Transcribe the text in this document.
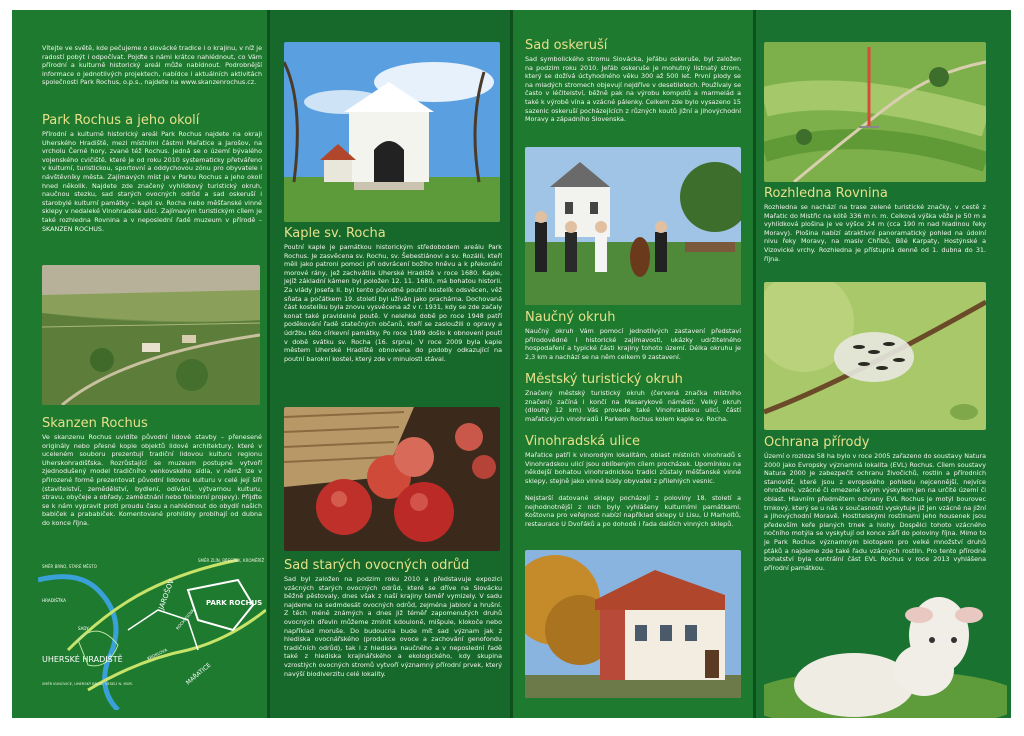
Vítejte ve světě, kde pečujeme o slovácké tradice i o krajinu, v níž je radostí pobýt i odpočívat. Pojďte s námi krátce nahlédnout, co Vám přírodní a kulturně historický areál může nabídnout. Podrobnější informace o jednotlivých projektech, nabídce i aktuálních aktivitách společnosti Park Rochus, o.p.s., najdete na www.skanzenrochus.cz.
Park Rochus a jeho okolí
Přírodní a kulturně historický areál Park Rochus najdete na okraji Uherského Hradiště, mezi místními částmi Mařatice a Jarošov, na vrcholu Černé hory, zvané též Rochus. Jedná se o území bývalého vojenského cvičiště, které je od roku 2010 systematicky přetvářeno v kulturní, turistickou, sportovní a oddychovou zónu pro obyvatele i návštěvníky města. Zajímavých míst je v Parku Rochus a jeho okolí hned několik. Najdete zde značený vyhlídkový turistický okruh, naučnou stezku, sad starých ovocných odrůd a sad oskeruší i starobylé kulturní památky – kapli sv. Rocha nebo měšťanské vinné sklepy v nedaleké Vinohradské ulici. Zajímavým turistickým cílem je také rozhledna Rovnina a v neposlední řadě muzeum v přírodě – SKANZEN ROCHUS.
Skanzen Rochus
Ve skanzenu Rochus uvidíte původní lidové stavby – přenesené originály nebo přesné kopie objektů lidové architektury, které v uceleném souboru prezentují tradiční lidovou kulturu regionu Uherskohradišťska. Rozrůstající se muzeum postupně vytvoří zjednodušený model tradičního venkovského sídla, v němž lze v přirozené formě prezentovat původní lidovou kulturu v celé její šíři (stavitelství, zemědělství, bydlení, odívání, výtvarnou kulturu, stravu, obyčeje a obřady, zaměstnání nebo folklorní projevy). Přijďte se k nám vypravit proti proudu času a nahlédnout do obydlí našich babiček a prababiček. Komentované prohlídky probíhají od dubna do konce října.
SMĚR BRNO, STARÉ MĚSTO
HRADIŠŤKA	JAROŠOV	PARK ROCHUS
UHERSKÉ HRADIŠTĚ
MAŘATICE
SMĚR ZLÍN, BŘESTEK, KROMĚŘÍŽ
SMĚR KUNOVICE, UHERSKÝ BROD, VESELÍ N. MOR.
KROKLOVA
ROCHUSOVA
SADY
Kaple sv. Rocha
Poutní kaple je památkou historickým středobodem areálu Park Rochus. Je zasvěcena sv. Rochu, sv. Šebestiánovi a sv. Rozálii, kteří měli jako patroni pomoci při odvrácení božího hněvu a k překonání morové rány, jež zachvátila Uherské Hradiště v roce 1680. Kaple, jejíž základní kámen byl položen 12. 11. 1680, má bohatou historii. Za vlády Josefa II. byl tento původně poutní kostelík odsvěcen, věž sňata a počátkem 19. století byl užíván jako prachárna. Dochovaná část kostelíku byla znovu vysvěcena až v r. 1931, kdy se zde začaly konat také pravidelné poutě. V nelehké době po roce 1948 patří poděkování řadě statečných občanů, kteří se zasloužili o opravy a údržbu této církevní památky. Po roce 1989 došlo k obnovení poutí v době svátku sv. Rocha (16. srpna). V roce 2009 byla kaple městem Uherské Hradiště obnovena do podoby odkazující na poutní barokní kostel, který zde v minulosti stával.
Sad starých ovocných odrůd
Sad byl založen na podzim roku 2010 a představuje expozici vzácných starých ovocných odrůd, které se dříve na Slovácku běžně pěstovaly, dnes však z naší krajiny téměř vymizely. V sadu najdeme na sedmdesát ovocných odrůd, zejména jabloní a hrušní. Z těch méně známých a dnes již téměř zapomenutých druhů ovocných dřevin můžeme zmínit kdouloně, mišpule, klokoče nebo například moruše. Do budoucna bude mít sad význam jak z hlediska ovocnářského (produkce ovoce a zachování genofondu tradičních odrůd), tak i z hlediska naučného a v neposlední řadě také z hlediska krajinářského a ekologického, kdy skupina vzrostlých ovocných stromů vytvoří významný přírodní prvek, který navýší biodiverzitu celé lokality.
Sad oskeruší
Sad symbolického stromu Slovácka, jeřábu oskeruše, byl založen na podzim roku 2010. Jeřáb oskeruše je mohutný listnatý strom, který se dožívá úctyhodného věku 300 až 500 let. První plody se na mladých stromech objevují nejdříve v desetiletech. Používaly se často v léčitelství, běžně pak na výrobu kompotů a marmelád a také k výrobě vína a vzácné pálenky. Celkem zde bylo vysazeno 15 sazenic oskeruší pocházejících z různých koutů jižní a jihovýchodní Moravy a západního Slovenska.
Naučný okruh
Naučný okruh Vám pomocí jednotlivých zastavení představí přírodovědné i historické zajímavosti, ukázky udržitelného hospodaření a typické části krajiny tohoto území. Délka okruhu je 2,3 km a nachází se na něm celkem 9 zastavení.
Městský turistický okruh
Značený městský turistický okruh (červená značka místního značení) začíná i končí na Masarykově náměstí. Velký okruh (dlouhý 12 km) Vás provede také Vinohradskou ulicí, částí mařatických vinohradů i Parkem Rochus kolem kaple sv. Rocha.
Vinohradská ulice
Mařatice patří k vinorodým lokalitám, oblast místních vinohradů s Vinohradskou ulicí jsou oblíbeným cílem procházek. Upomínkou na někdejší bohatou vinohradnickou tradici zůstaly měšťanské vinné sklepy, stejně jako vinné búdy obyvatel z přilehlých vesnic.
Nejstarší datované sklepy pocházejí z poloviny 18. století a nejhodnotnější z nich byly vyhlášeny kulturními památkami. Koštovna pro veřejnost nabízí například sklepy U Lisu, U Marholtů, restaurace U Dvořáků a po dohodě i řada dalších vinných sklepů.
Rozhledna Rovnina
Rozhledna se nachází na trase zelené turistické značky, v cestě z Mařatic do Mistřic na kótě 336 m n. m. Celková výška věže je 50 m a vyhlídková plošina je ve výšce 24 m (cca 190 m nad hladinou řeky Moravy). Plošina nabízí atraktivní panoramatický pohled na údolní nivu řeky Moravy, na masiv Chřibů, Bílé Karpaty, Hostýnské a Vizovické vrchy. Rozhledna je přístupná denně od 1. dubna do 31. října.
Ochrana přírody
Území o rozloze 58 ha bylo v roce 2005 zařazeno do soustavy Natura 2000 jako Evropsky významná lokalita (EVL) Rochus. Cílem soustavy Natura 2000 je zabezpečit ochranu živočichů, rostlin a přírodních stanovišť, které jsou z evropského pohledu nejcennější, nejvíce ohrožené, vzácné či omezené svým výskytem jen na určité území či oblast. Hlavním předmětem ochrany EVL Rochus je motýl bourovec trnkový, který se u nás v současnosti vyskytuje již jen vzácně na jižní a jihovýchodní Moravě. Hostitelskými rostlinami jeho housenek jsou především keře planých trnek a hlohy. Dospělci tohoto vzácného nočního motýla se vyskytují od konce září do poloviny října. Mimo to je Park Rochus významným biotopem pro velké množství druhů ptáků a najdeme zde také řadu vzácných rostlin. Pro tento přírodně bohatství byla centrální část EVL Rochus v roce 2013 vyhlášena přírodní památkou.
